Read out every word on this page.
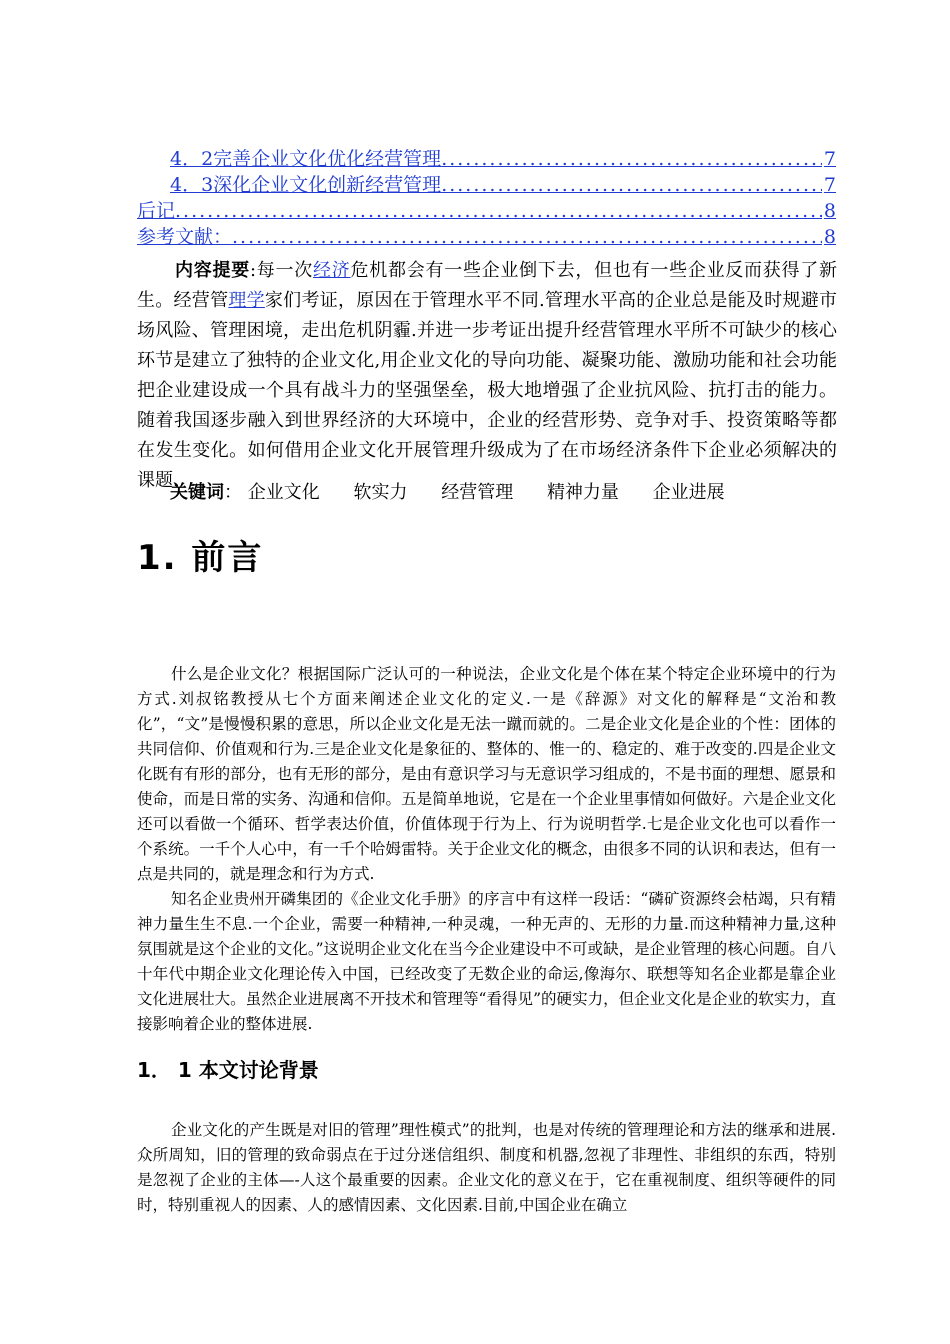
4．2完善企业文化优化经营管理 .....	7
4．3深化企业文化创新经营管理 .....	7
后记 .....	8
参考文献： .....	8
内容提要:每一次经济危机都会有一些企业倒下去，但也有一些企业反而获得了新生。经营管理学家们考证，原因在于管理水平不同.管理水平高的企业总是能及时规避市场风险、管理困境，走出危机阴霾.并进一步考证出提升经营管理水平所不可缺少的核心环节是建立了独特的企业文化,用企业文化的导向功能、凝聚功能、激励功能和社会功能把企业建设成一个具有战斗力的坚强堡垒，极大地增强了企业抗风险、抗打击的能力。随着我国逐步融入到世界经济的大环境中，企业的经营形势、竞争对手、投资策略等都在发生变化。如何借用企业文化开展管理升级成为了在市场经济条件下企业必须解决的课题.
关键词： 企业文化 软实力 经营管理 精神力量 企业进展
1. 前言

什么是企业文化？根据国际广泛认可的一种说法，企业文化是个体在某个特定企业环境中的行为方式.刘叔铭教授从七个方面来阐述企业文化的定义.一是《辞源》对文化的解释是“文治和教化”，“文”是慢慢积累的意思，所以企业文化是无法一蹴而就的。二是企业文化是企业的个性：团体的共同信仰、价值观和行为.三是企业文化是象征的、整体的、惟一的、稳定的、难于改变的.四是企业文化既有有形的部分，也有无形的部分，是由有意识学习与无意识学习组成的，不是书面的理想、愿景和使命，而是日常的实务、沟通和信仰。五是简单地说，它是在一个企业里事情如何做好。六是企业文化还可以看做一个循环、哲学表达价值，价值体现于行为上、行为说明哲学.七是企业文化也可以看作一个系统。一千个人心中，有一千个哈姆雷特。关于企业文化的概念，由很多不同的认识和表达，但有一点是共同的，就是理念和行为方式.

知名企业贵州开磷集团的《企业文化手册》的序言中有这样一段话：“磷矿资源终会枯竭，只有精神力量生生不息.一个企业，需要一种精神,一种灵魂，一种无声的、无形的力量.而这种精神力量,这种氛围就是这个企业的文化。”这说明企业文化在当今企业建设中不可或缺，是企业管理的核心问题。自八十年代中期企业文化理论传入中国，已经改变了无数企业的命运,像海尔、联想等知名企业都是靠企业文化进展壮大。虽然企业进展离不开技术和管理等“看得见”的硬实力，但企业文化是企业的软实力，直接影响着企业的整体进展.

1． 1 本文讨论背景

企业文化的产生既是对旧的管理”理性模式”的批判，也是对传统的管理理论和方法的继承和进展.众所周知，旧的管理的致命弱点在于过分迷信组织、制度和机器,忽视了非理性、非组织的东西，特别是忽视了企业的主体—-人这个最重要的因素。企业文化的意义在于，它在重视制度、组织等硬件的同时，特别重视人的因素、人的感情因素、文化因素.目前,中国企业在确立
